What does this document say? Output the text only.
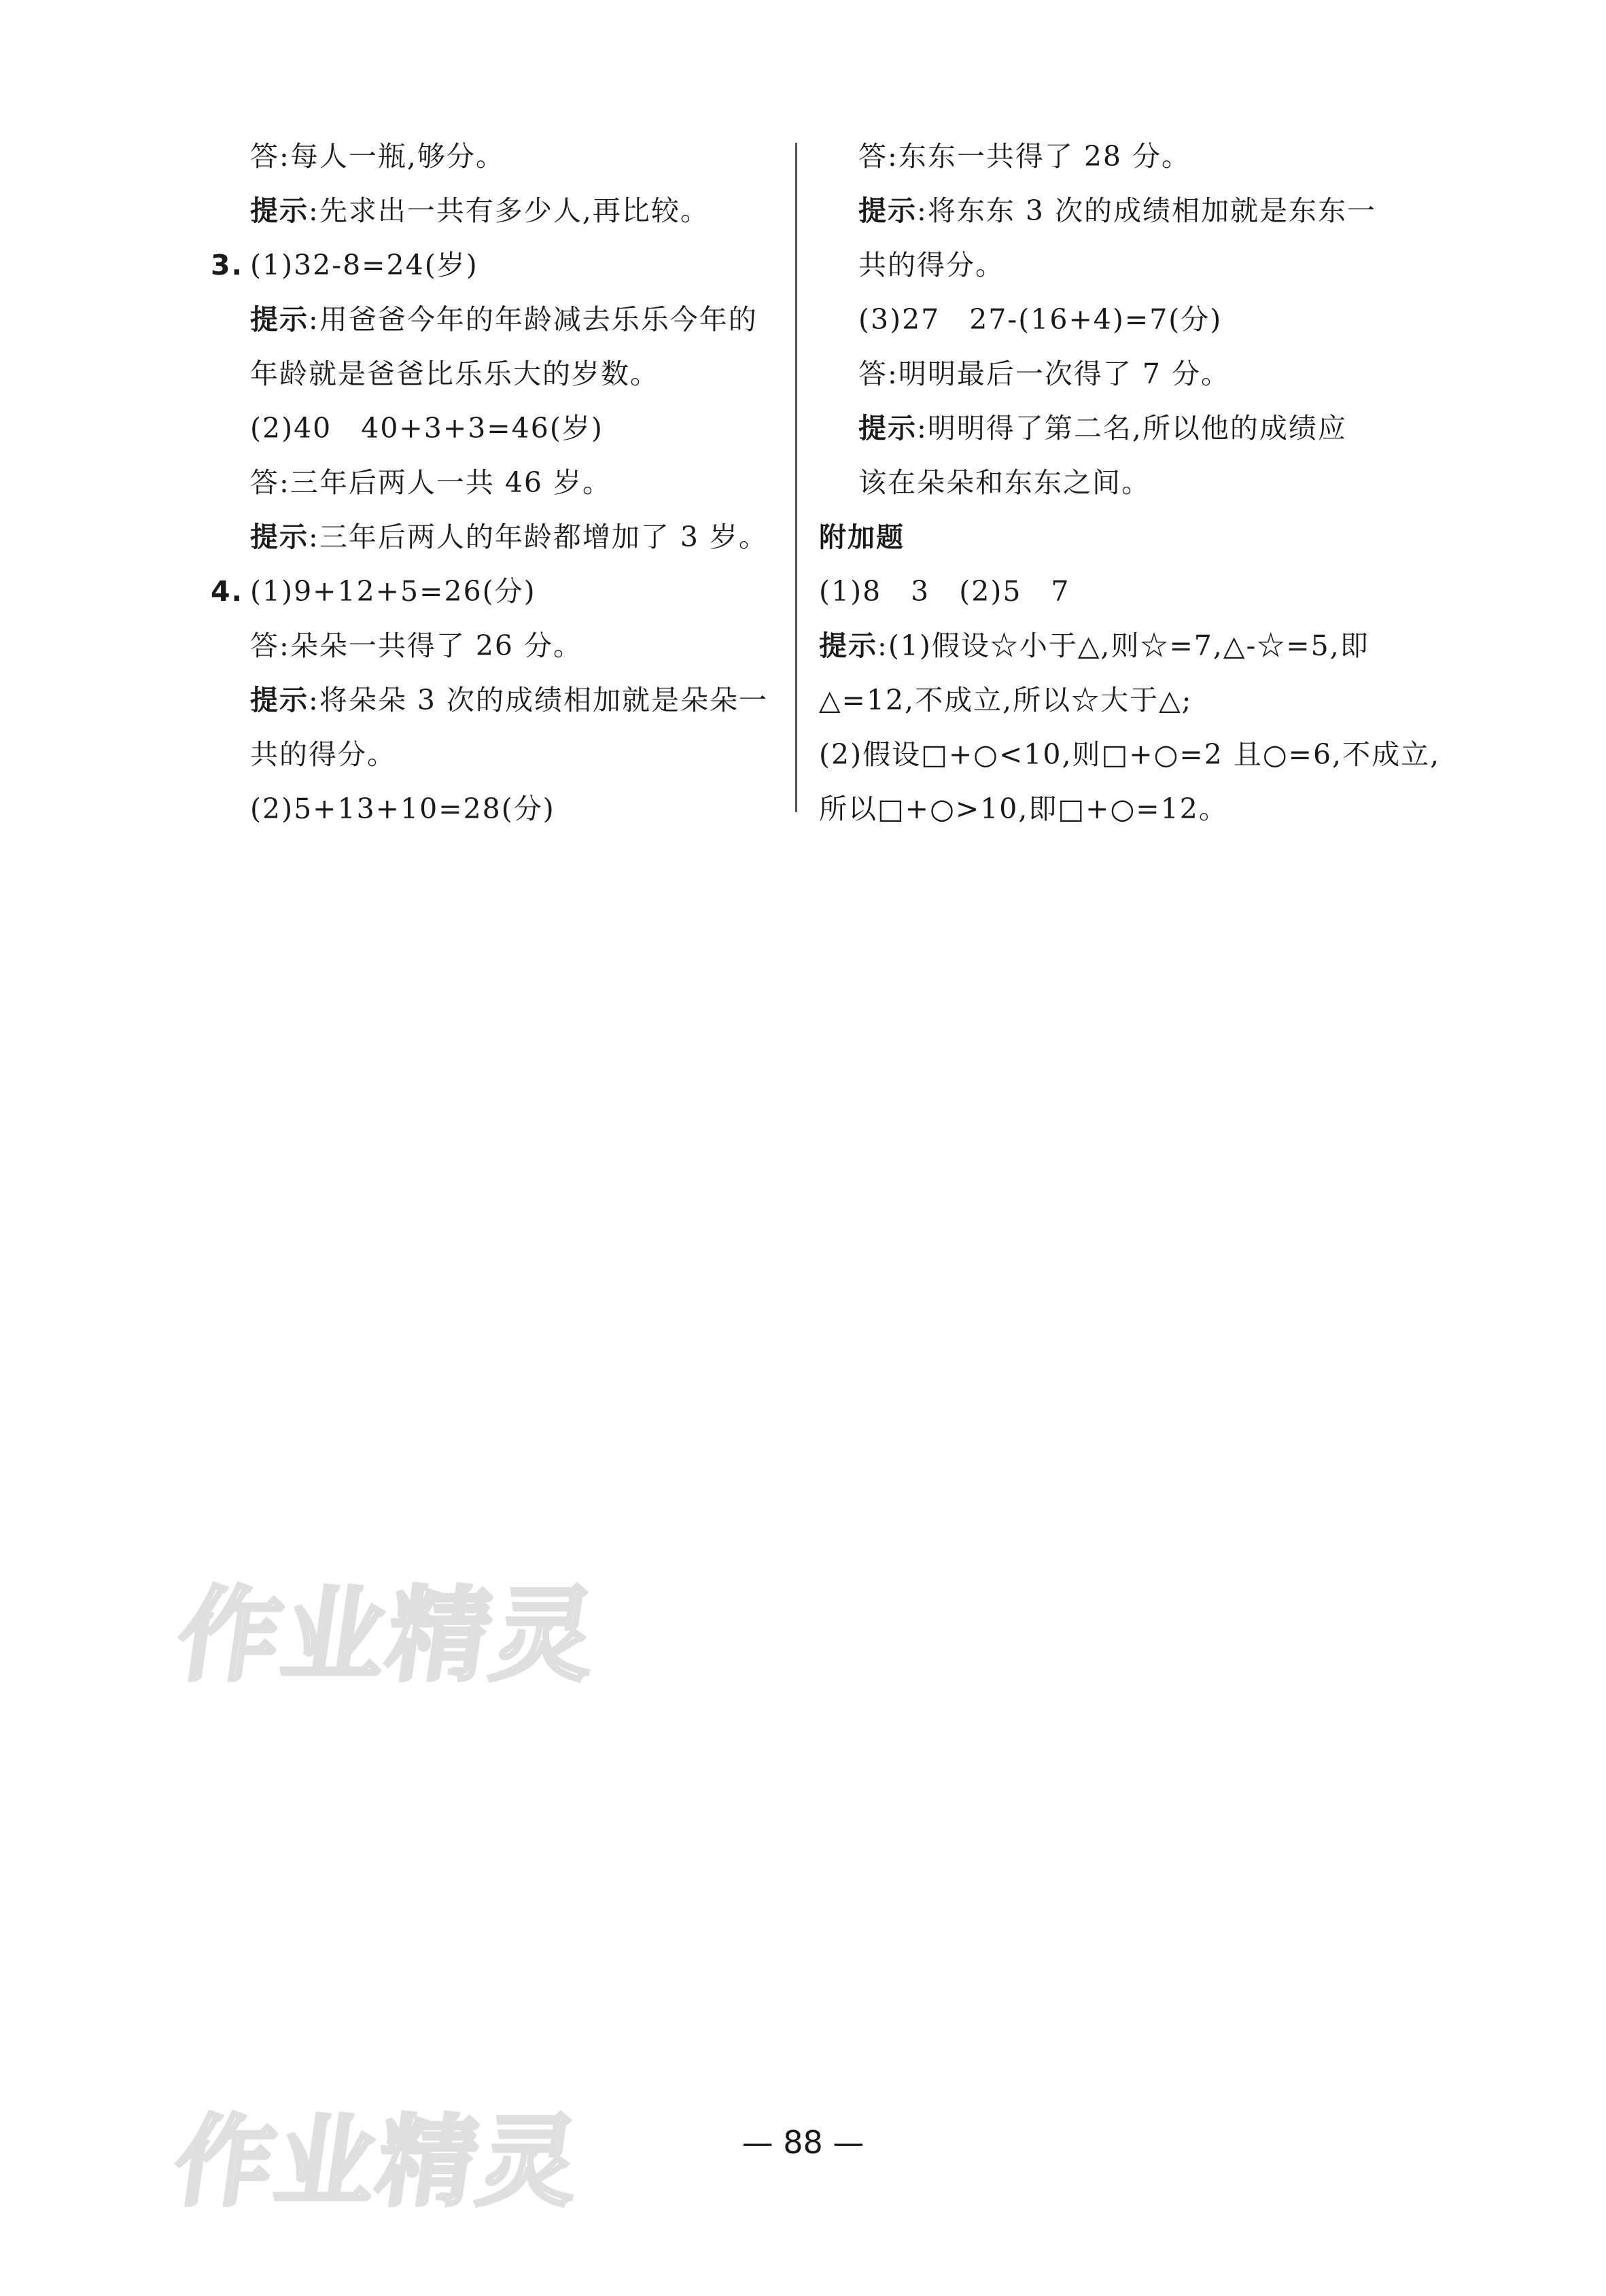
答:每人一瓶,够分。
提示:先求出一共有多少人,再比较。
3. (1)32-8=24(岁)
提示:用爸爸今年的年龄减去乐乐今年的
年龄就是爸爸比乐乐大的岁数。
(2)40　40+3+3=46(岁)
答:三年后两人一共 46 岁。
提示:三年后两人的年龄都增加了 3 岁。
4. (1)9+12+5=26(分)
答:朵朵一共得了 26 分。
提示:将朵朵 3 次的成绩相加就是朵朵一
共的得分。
(2)5+13+10=28(分)
答:东东一共得了 28 分。
提示:将东东 3 次的成绩相加就是东东一
共的得分。
(3)27　27-(16+4)=7(分)
答:明明最后一次得了 7 分。
提示:明明得了第二名,所以他的成绩应
该在朵朵和东东之间。
附加题
(1)8　3　(2)5　7
提示:(1)假设☆小于△,则☆=7,△-☆=5,即
△=12,不成立,所以☆大于△;
(2)假设□+○<10,则□+○=2 且○=6,不成立,
所以□+○>10,即□+○=12。
作业精灵
作业精灵	— 88 —
